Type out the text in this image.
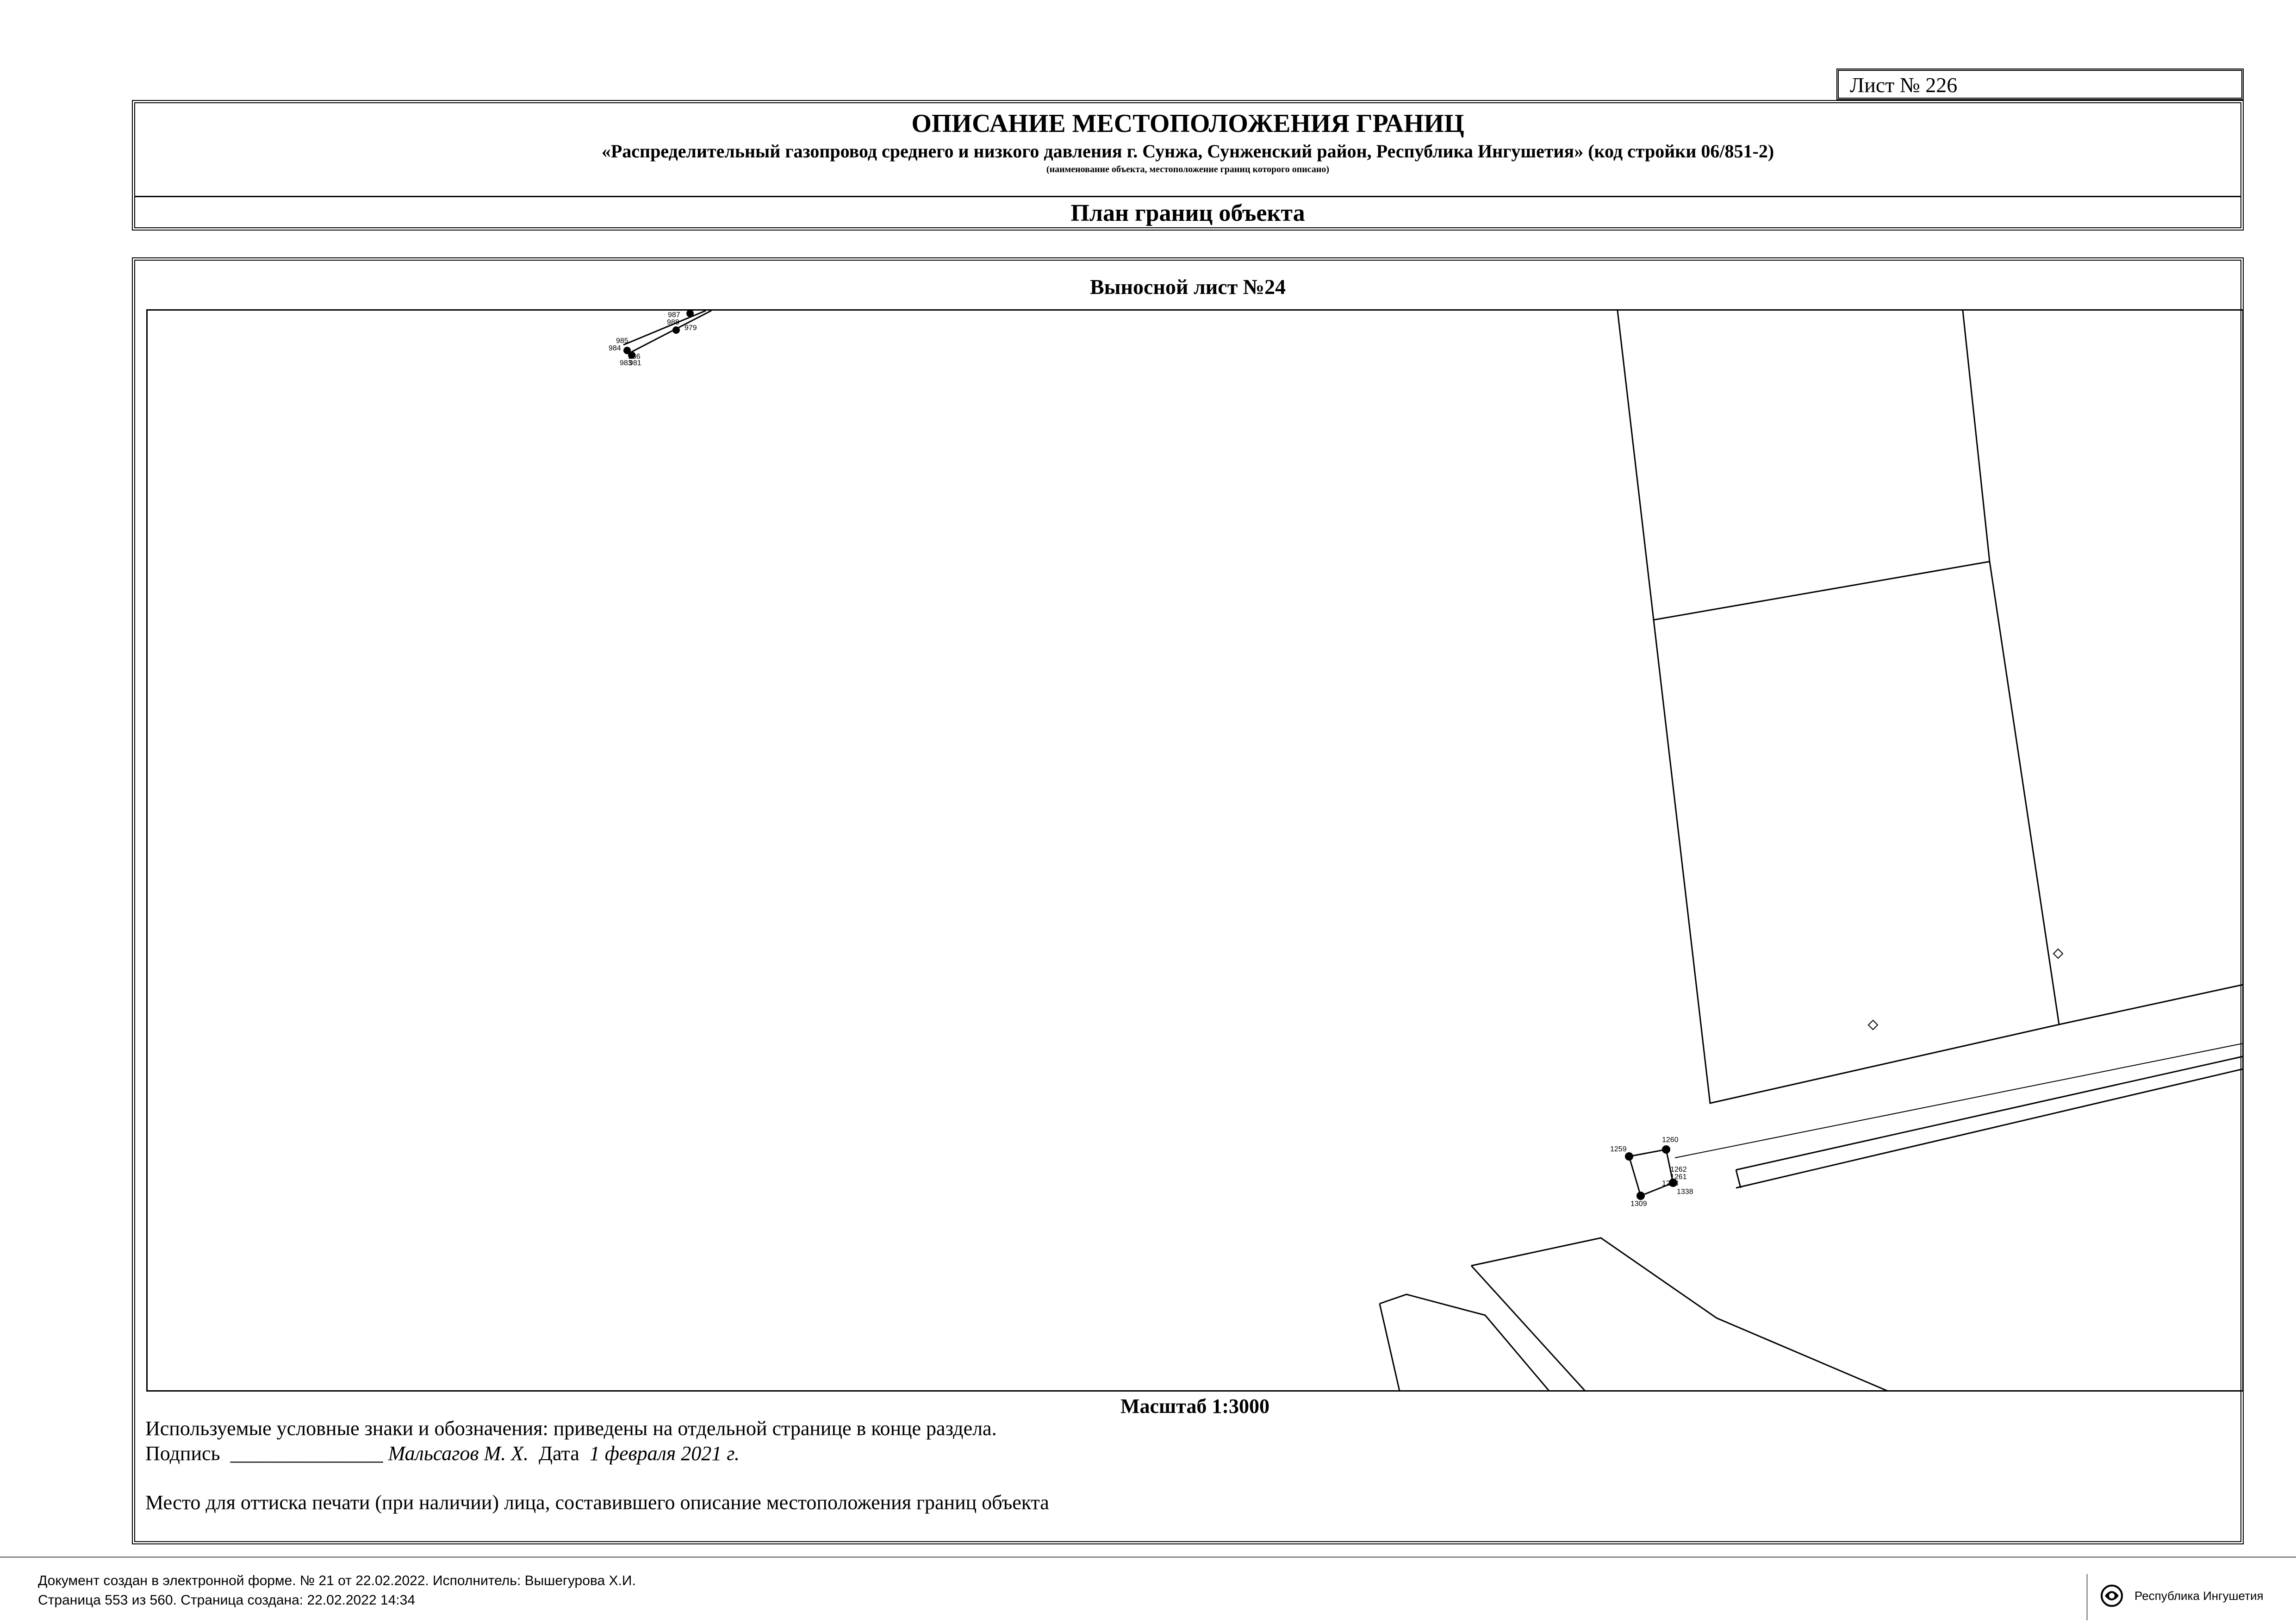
Лист № 226
ОПИСАНИЕ МЕСТОПОЛОЖЕНИЯ ГРАНИЦ
«Распределительный газопровод среднего и низкого давления г. Сунжа, Сунженский район, Республика Ингушетия» (код стройки 06/851-2)
(наименование объекта, местоположение границ которого описано)
План границ объекта
Выносной лист №24
987
988
979
985
984
986
983
981
1259
1260
1262
1261
1263
1338
1309
Масштаб 1:3000
Используемые условные знаки и обозначения: приведены на отдельной странице в конце раздела.
Подпись _______________ Мальсагов М. Х. Дата 1 февраля 2021 г.
Место для оттиска печати (при наличии) лица, составившего описание местоположения границ объекта
Документ создан в электронной форме. № 21 от 22.02.2022. Исполнитель: Вышегурова Х.И.
Страница 553 из 560. Страница создана: 22.02.2022 14:34	Республика Ингушетия
